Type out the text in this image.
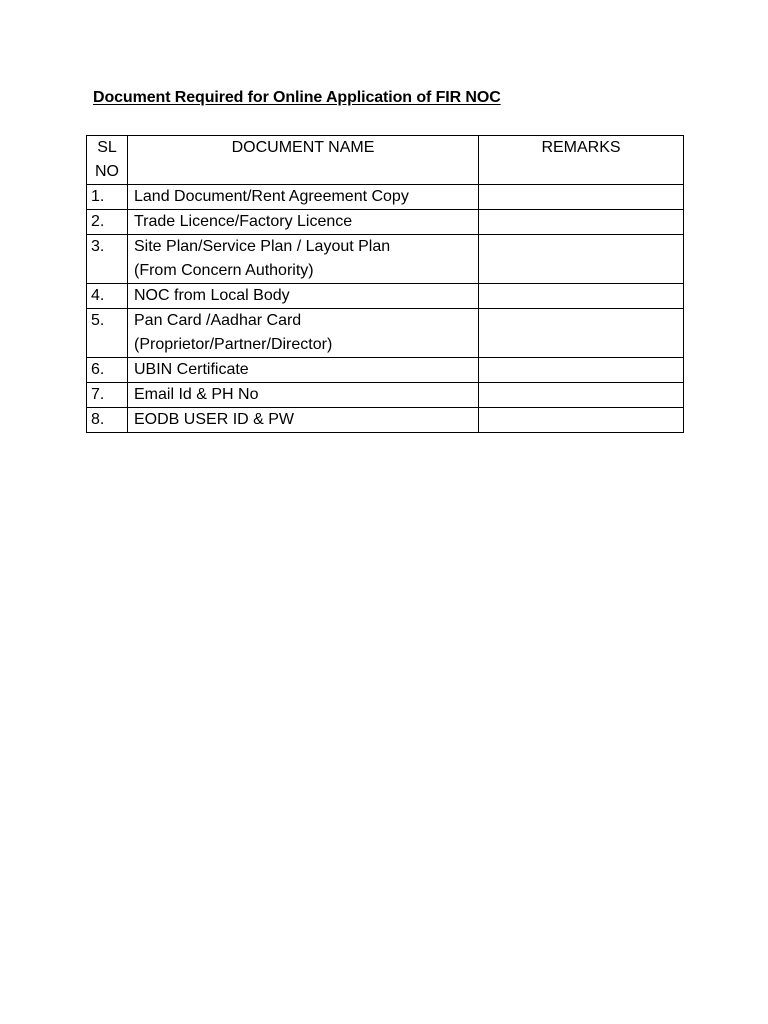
Document Required for Online Application of FIR NOC
SL
NO	DOCUMENT NAME	REMARKS
1.	Land Document/Rent Agreement Copy	

2.	Trade Licence/Factory Licence	

3.	Site Plan/Service Plan / Layout Plan
(From Concern Authority)	

4.	NOC from Local Body	

5.	Pan Card /Aadhar Card
(Proprietor/Partner/Director)	

6.	UBIN Certificate	

7.	Email Id & PH No	

8.	EODB USER ID & PW	
